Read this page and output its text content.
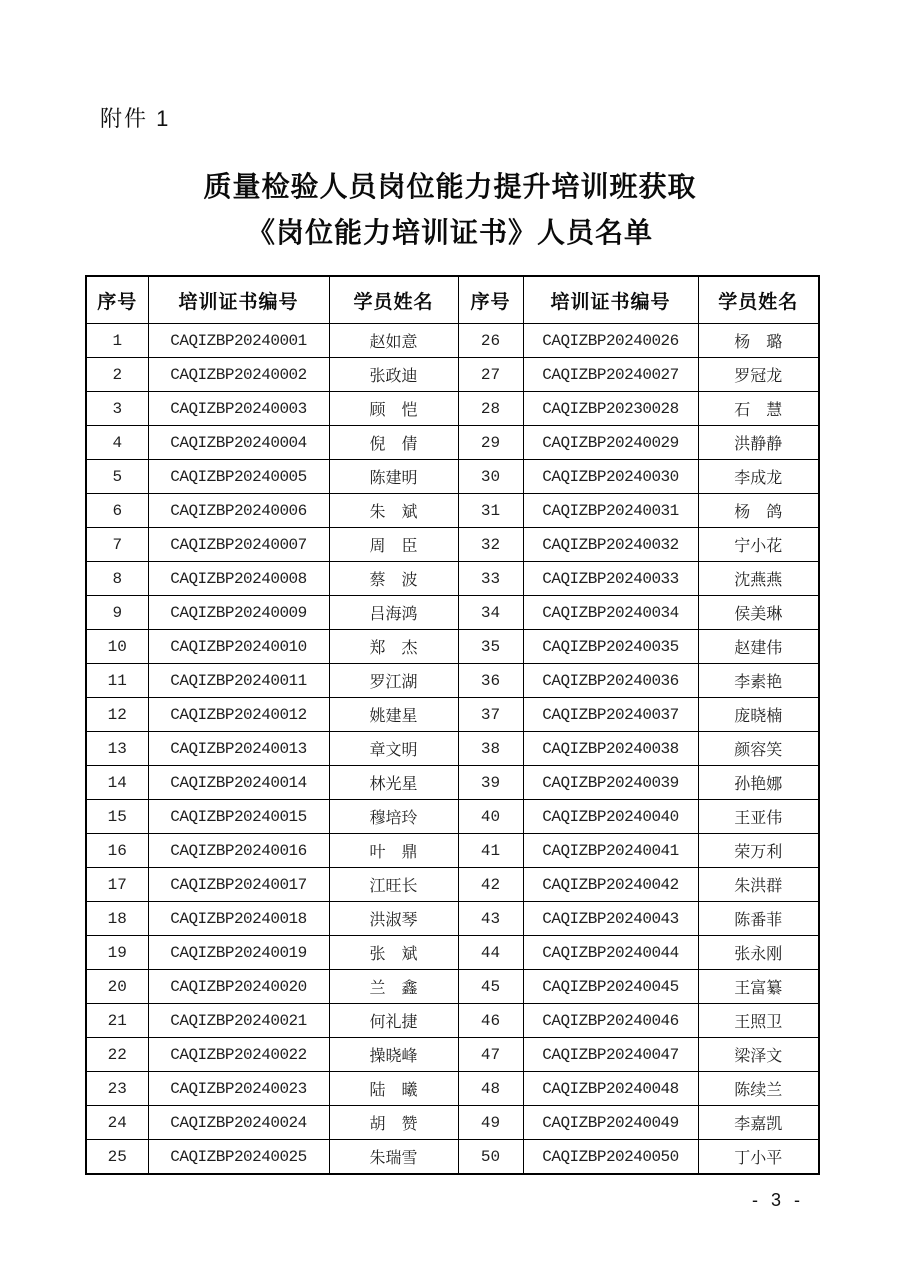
附件 1
质量检验人员岗位能力提升培训班获取
《岗位能力培训证书》人员名单
序号	培训证书编号	学员姓名	序号	培训证书编号	学员姓名
1	CAQIZBP20240001	赵如意	26	CAQIZBP20240026	杨　璐
2	CAQIZBP20240002	张政迪	27	CAQIZBP20240027	罗冠龙
3	CAQIZBP20240003	顾　恺	28	CAQIZBP20230028	石　慧
4	CAQIZBP20240004	倪　倩	29	CAQIZBP20240029	洪静静
5	CAQIZBP20240005	陈建明	30	CAQIZBP20240030	李成龙
6	CAQIZBP20240006	朱　斌	31	CAQIZBP20240031	杨　鸽
7	CAQIZBP20240007	周　臣	32	CAQIZBP20240032	宁小花
8	CAQIZBP20240008	蔡　波	33	CAQIZBP20240033	沈燕燕
9	CAQIZBP20240009	吕海鸿	34	CAQIZBP20240034	侯美琳
10	CAQIZBP20240010	郑　杰	35	CAQIZBP20240035	赵建伟
11	CAQIZBP20240011	罗江湖	36	CAQIZBP20240036	李素艳
12	CAQIZBP20240012	姚建星	37	CAQIZBP20240037	庞晓楠
13	CAQIZBP20240013	章文明	38	CAQIZBP20240038	颜容笑
14	CAQIZBP20240014	林光星	39	CAQIZBP20240039	孙艳娜
15	CAQIZBP20240015	穆培玲	40	CAQIZBP20240040	王亚伟
16	CAQIZBP20240016	叶　鼎	41	CAQIZBP20240041	荣万利
17	CAQIZBP20240017	江旺长	42	CAQIZBP20240042	朱洪群
18	CAQIZBP20240018	洪淑琴	43	CAQIZBP20240043	陈番菲
19	CAQIZBP20240019	张　斌	44	CAQIZBP20240044	张永刚
20	CAQIZBP20240020	兰　鑫	45	CAQIZBP20240045	王富纂
21	CAQIZBP20240021	何礼捷	46	CAQIZBP20240046	王照卫
22	CAQIZBP20240022	操晓峰	47	CAQIZBP20240047	梁泽文
23	CAQIZBP20240023	陆　曦	48	CAQIZBP20240048	陈续兰
24	CAQIZBP20240024	胡　赞	49	CAQIZBP20240049	李嘉凯
25	CAQIZBP20240025	朱瑞雪	50	CAQIZBP20240050	丁小平
- 3 -
